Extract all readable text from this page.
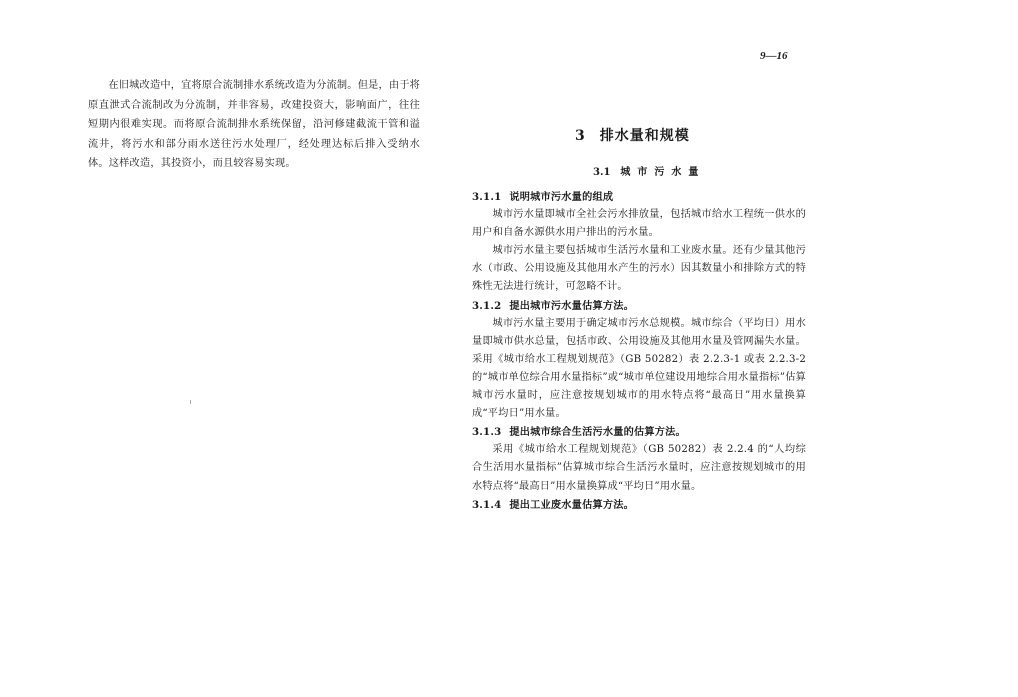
9—16

在旧城改造中，宜将原合流制排水系统改造为分流制。但是，由于将原直泄式合流制改为分流制，并非容易，改建投资大，影响面广，往往短期内很难实现。而将原合流制排水系统保留，沿河修建截流干管和溢流井，将污水和部分雨水送往污水处理厂，经处理达标后排入受纳水体。这样改造，其投资小，而且较容易实现。

3 排水量和规模
3.1 城市污水量

3.1.1 说明城市污水量的组成

城市污水量即城市全社会污水排放量，包括城市给水工程统一供水的用户和自备水源供水用户排出的污水量。

城市污水量主要包括城市生活污水量和工业废水量。还有少量其他污水（市政、公用设施及其他用水产生的污水）因其数量小和排除方式的特殊性无法进行统计，可忽略不计。

3.1.2 提出城市污水量估算方法。

城市污水量主要用于确定城市污水总规模。城市综合（平均日）用水量即城市供水总量，包括市政、公用设施及其他用水量及管网漏失水量。采用《城市给水工程规划规范》（GB 50282）表 2.2.3-1 或表 2.2.3-2 的“城市单位综合用水量指标”或“城市单位建设用地综合用水量指标”估算城市污水量时，应注意按规划城市的用水特点将“最高日”用水量换算成“平均日”用水量。

3.1.3 提出城市综合生活污水量的估算方法。

采用《城市给水工程规划规范》（GB 50282）表 2.2.4 的“人均综合生活用水量指标”估算城市综合生活污水量时，应注意按规划城市的用水特点将“最高日”用水量换算成“平均日”用水量。

3.1.4 提出工业废水量估算方法。
